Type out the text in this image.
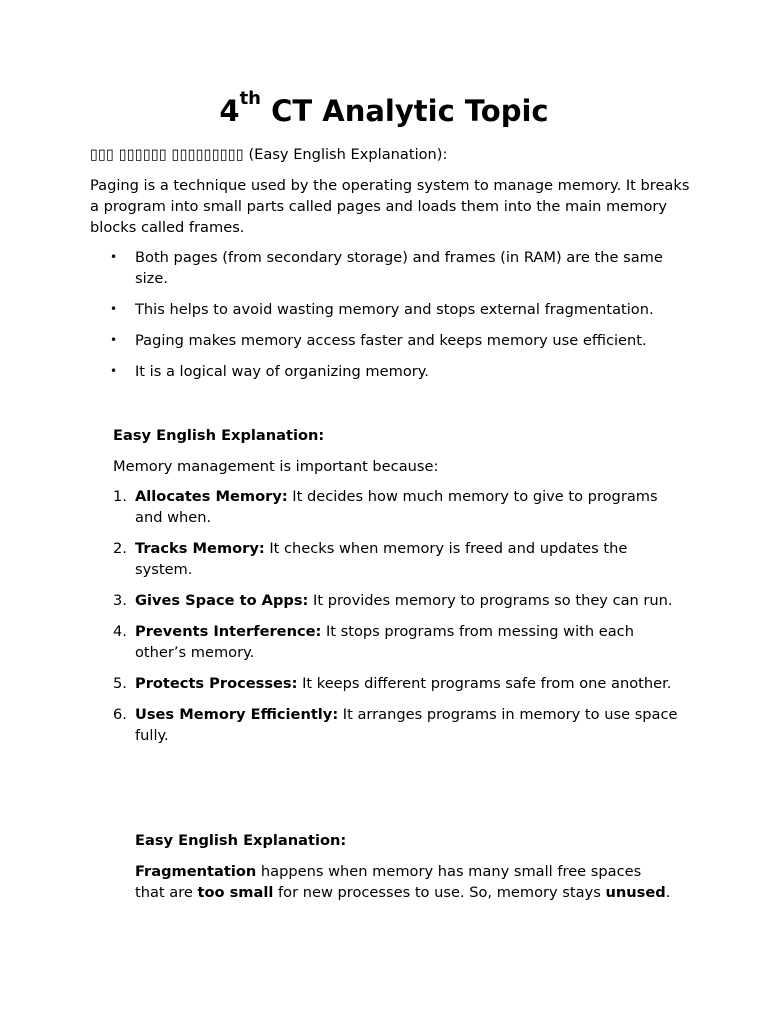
4th CT Analytic Topic

▯▯▯ ▯▯▯▯▯▯ ▯▯▯▯▯▯▯▯▯ (Easy English Explanation):

Paging is a technique used by the operating system to manage memory. It breaks a program into small parts called pages and loads them into the main memory blocks called frames.

• Both pages (from secondary storage) and frames (in RAM) are the same size.
• This helps to avoid wasting memory and stops external fragmentation.
• Paging makes memory access faster and keeps memory use efficient.
• It is a logical way of organizing memory.

Easy English Explanation:

Memory management is important because:

1. Allocates Memory: It decides how much memory to give to programs and when.
2. Tracks Memory: It checks when memory is freed and updates the system.
3. Gives Space to Apps: It provides memory to programs so they can run.
4. Prevents Interference: It stops programs from messing with each other’s memory.
5. Protects Processes: It keeps different programs safe from one another.
6. Uses Memory Efficiently: It arranges programs in memory to use space fully.

Easy English Explanation:

Fragmentation happens when memory has many small free spaces that are too small for new processes to use. So, memory stays unused.
